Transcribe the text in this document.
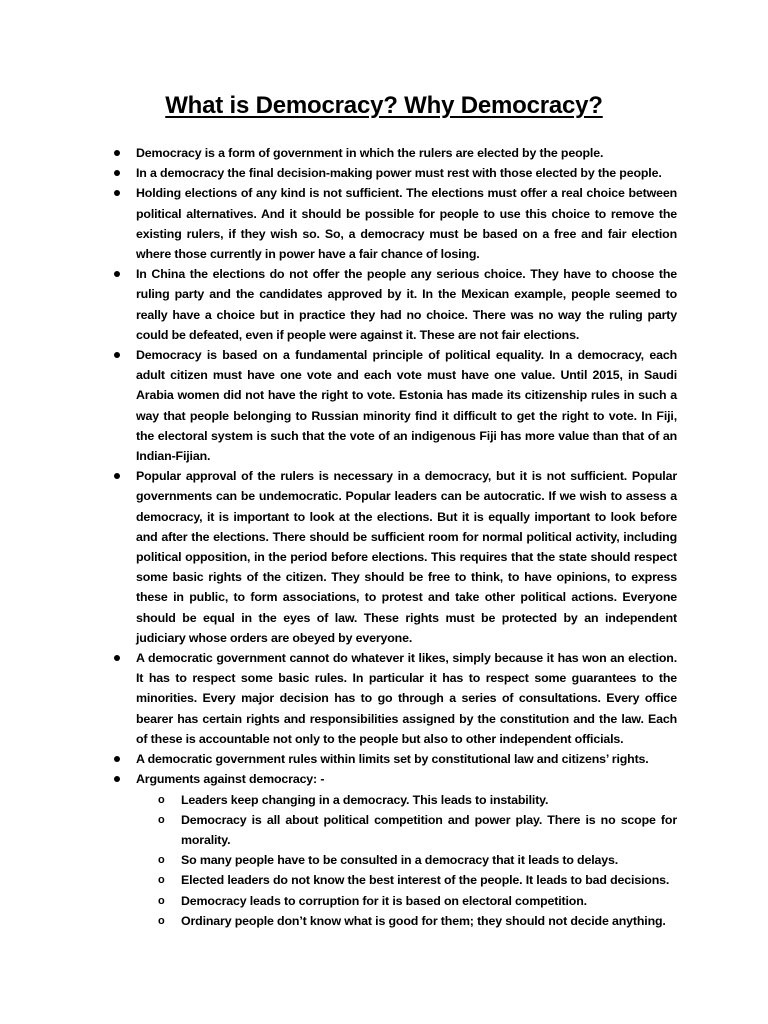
What is Democracy? Why Democracy?
Democracy is a form of government in which the rulers are elected by the people.
In a democracy the final decision-making power must rest with those elected by the people.
Holding elections of any kind is not sufficient. The elections must offer a real choice between political alternatives. And it should be possible for people to use this choice to remove the existing rulers, if they wish so. So, a democracy must be based on a free and fair election where those currently in power have a fair chance of losing.
In China the elections do not offer the people any serious choice. They have to choose the ruling party and the candidates approved by it. In the Mexican example, people seemed to really have a choice but in practice they had no choice. There was no way the ruling party could be defeated, even if people were against it. These are not fair elections.
Democracy is based on a fundamental principle of political equality. In a democracy, each adult citizen must have one vote and each vote must have one value. Until 2015, in Saudi Arabia women did not have the right to vote. Estonia has made its citizenship rules in such a way that people belonging to Russian minority find it difficult to get the right to vote. In Fiji, the electoral system is such that the vote of an indigenous Fiji has more value than that of an Indian-Fijian.
Popular approval of the rulers is necessary in a democracy, but it is not sufficient. Popular governments can be undemocratic. Popular leaders can be autocratic. If we wish to assess a democracy, it is important to look at the elections. But it is equally important to look before and after the elections. There should be sufficient room for normal political activity, including political opposition, in the period before elections. This requires that the state should respect some basic rights of the citizen. They should be free to think, to have opinions, to express these in public, to form associations, to protest and take other political actions. Everyone should be equal in the eyes of law. These rights must be protected by an independent judiciary whose orders are obeyed by everyone.
A democratic government cannot do whatever it likes, simply because it has won an election. It has to respect some basic rules. In particular it has to respect some guarantees to the minorities. Every major decision has to go through a series of consultations. Every office bearer has certain rights and responsibilities assigned by the constitution and the law. Each of these is accountable not only to the people but also to other independent officials.
A democratic government rules within limits set by constitutional law and citizens’ rights.
Arguments against democracy: -
o Leaders keep changing in a democracy. This leads to instability.
o Democracy is all about political competition and power play. There is no scope for morality.
o So many people have to be consulted in a democracy that it leads to delays.
o Elected leaders do not know the best interest of the people. It leads to bad decisions.
o Democracy leads to corruption for it is based on electoral competition.
o Ordinary people don’t know what is good for them; they should not decide anything.
